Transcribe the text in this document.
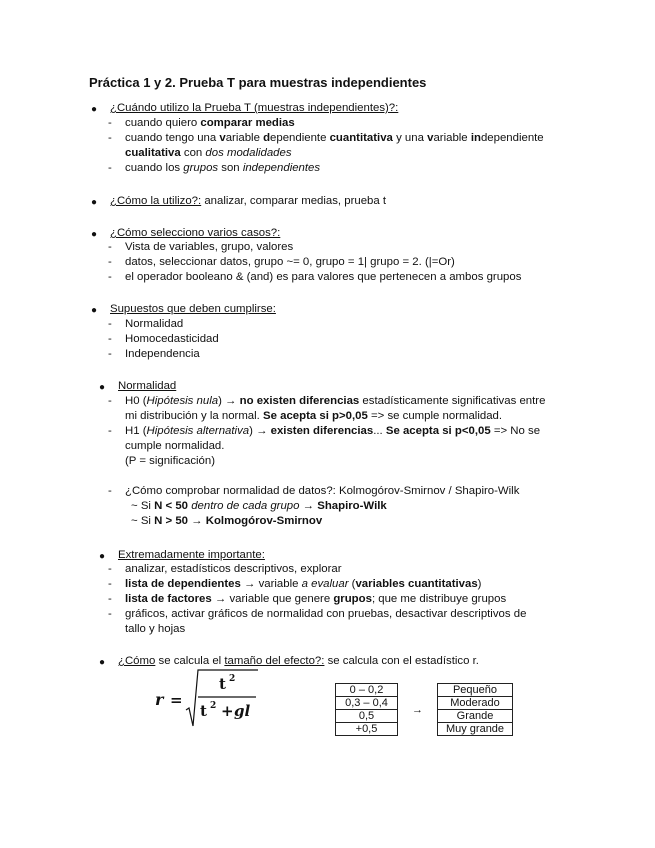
Práctica 1 y 2. Prueba T para muestras independientes
● ¿Cuándo utilizo la Prueba T (muestras independientes)?:
- cuando quiero comparar medias
- cuando tengo una variable dependiente cuantitativa y una variable independiente
cualitativa con dos modalidades
- cuando los grupos son independientes
● ¿Cómo la utilizo?: analizar, comparar medias, prueba t
● ¿Cómo selecciono varios casos?:
- Vista de variables, grupo, valores
- datos, seleccionar datos, grupo ~= 0, grupo = 1| grupo = 2. (|=Or)
- el operador booleano & (and) es para valores que pertenecen a ambos grupos
● Supuestos que deben cumplirse:
- Normalidad
- Homocedasticidad
- Independencia
● Normalidad
- H0 (Hipótesis nula) → no existen diferencias estadísticamente significativas entre
mi distribución y la normal. Se acepta si p>0,05 => se cumple normalidad.
- H1 (Hipótesis alternativa) → existen diferencias... Se acepta si p<0,05 => No se
cumple normalidad.
(P = significación)
- ¿Cómo comprobar normalidad de datos?: Kolmogórov-Smirnov / Shapiro-Wilk
~ Si N < 50 dentro de cada grupo → Shapiro-Wilk
~ Si N > 50 → Kolmogórov-Smirnov
● Extremadamente importante:
- analizar, estadísticos descriptivos, explorar
- lista de dependientes → variable a evaluar (variables cuantitativas)
- lista de factores → variable que genere grupos; que me distribuye grupos
- gráficos, activar gráficos de normalidad con pruebas, desactivar descriptivos de
tallo y hojas
● ¿Cómo se calcula el tamaño del efecto?: se calcula con el estadístico r.
r =
t 2
t 2 + gl
0 – 0,2	→	Pequeño
0,3 – 0,4		Moderado
0,5		Grande
+0,5		Muy grande
